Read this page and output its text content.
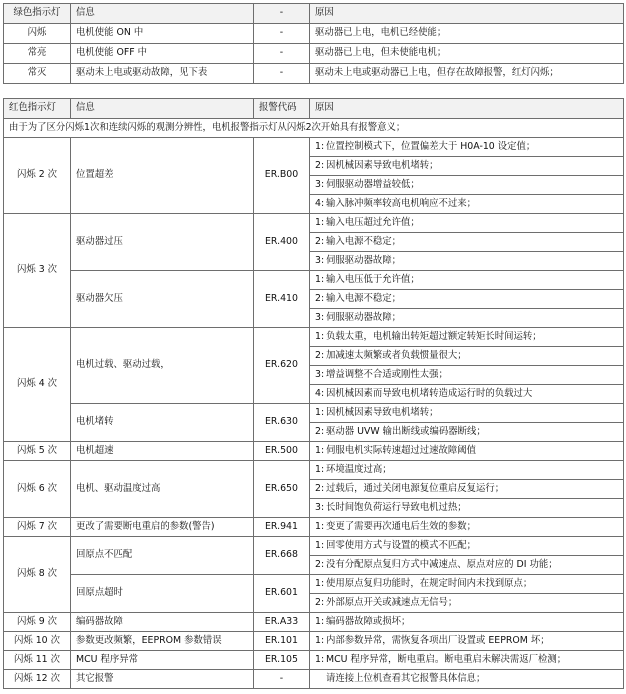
绿色指示灯	信息	-	原因
闪烁	电机使能 ON 中	-	驱动器已上电，电机已经使能；
常亮	电机使能 OFF 中	-	驱动器已上电，但未使能电机；
常灭	驱动未上电或驱动故障，见下表	-	驱动未上电或驱动器已上电，但存在故障报警，红灯闪烁；
红色指示灯	信息	报警代码	原因
由于为了区分闪烁1次和连续闪烁的观测分辨性，电机报警指示灯从闪烁2次开始具有报警意义；			
闪烁 2 次	位置超差	ER.B00	1: 位置控制模式下，位置偏差大于 H0A-10 设定值；
			2: 因机械因素导致电机堵转；
			3: 伺服驱动器增益较低；
			4: 输入脉冲频率较高电机响应不过来；
闪烁 3 次	驱动器过压	ER.400	1: 输入电压超过允许值；
			2: 输入电源不稳定；
			3: 伺服驱动器故障；
	驱动器欠压	ER.410	1: 输入电压低于允许值；
			2: 输入电源不稳定；
			3: 伺服驱动器故障；
闪烁 4 次	电机过载、驱动过载，	ER.620	1: 负载太重，电机输出转矩超过额定转矩长时间运转；
			2: 加减速太频繁或者负载惯量很大；
			3: 增益调整不合适或刚性太强；
			4: 因机械因素而导致电机堵转造成运行时的负载过大
	电机堵转	ER.630	1: 因机械因素导致电机堵转；
			2: 驱动器 UVW 输出断线或编码器断线；
闪烁 5 次	电机超速	ER.500	1: 伺服电机实际转速超过过速故障阈值
闪烁 6 次	电机、驱动温度过高	ER.650	1: 环境温度过高；
			2: 过载后，通过关闭电源复位重启反复运行；
			3: 长时间饱负荷运行导致电机过热；
闪烁 7 次	更改了需要断电重启的参数(警告)	ER.941	1: 变更了需要再次通电后生效的参数；
闪烁 8 次	回原点不匹配	ER.668	1: 回零使用方式与设置的模式不匹配；
			2: 没有分配原点复归方式中减速点、原点对应的 DI 功能；
	回原点超时	ER.601	1: 使用原点复归功能时，在规定时间内未找到原点；
			2: 外部原点开关或减速点无信号；
闪烁 9 次	编码器故障	ER.A33	1: 编码器故障或损坏；
闪烁 10 次	参数更改频繁，EEPROM 参数错误	ER.101	1: 内部参数异常，需恢复各项出厂设置或 EEPROM 坏；
闪烁 11 次	MCU 程序异常	ER.105	1: MCU 程序异常，断电重启。断电重启未解决需返厂检测；
闪烁 12 次	其它报警	-	请连接上位机查看其它报警具体信息；
